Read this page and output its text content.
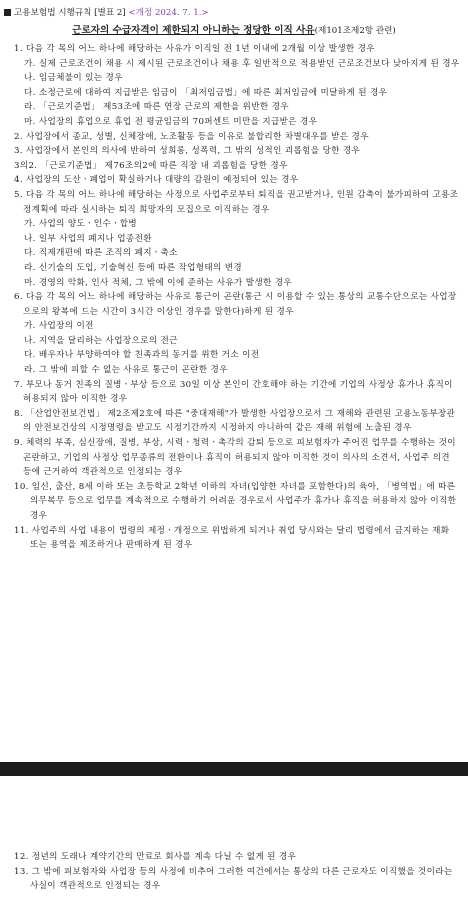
고용보험법 시행규칙 [별표 2] <개정 2024. 7. 1.>
근로자의 수급자격이 제한되지 아니하는 정당한 이직 사유(제101조제2항 관련)

1. 다음 각 목의 어느 하나에 해당하는 사유가 이직일 전 1년 이내에 2개월 이상 발생한 경우

가. 실제 근로조건이 채용 시 제시된 근로조건이나 채용 후 일반적으로 적용받던 근로조건보다 낮아지게 된 경우

나. 임금체불이 있는 경우

다. 소정근로에 대하여 지급받은 임금이 「최저임금법」에 따른 최저임금에 미달하게 된 경우

라. 「근로기준법」 제53조에 따른 연장 근로의 제한을 위반한 경우

마. 사업장의 휴업으로 휴업 전 평균임금의 70퍼센트 미만을 지급받은 경우

2. 사업장에서 종교, 성별, 신체장애, 노조활동 등을 이유로 불합리한 차별대우를 받은 경우

3. 사업장에서 본인의 의사에 반하여 성희롱, 성폭력, 그 밖의 성적인 괴롭힘을 당한 경우

3의2. 「근로기준법」 제76조의2에 따른 직장 내 괴롭힘을 당한 경우

4. 사업장의 도산ㆍ폐업이 확실하거나 대량의 감원이 예정되어 있는 경우

5. 다음 각 목의 어느 하나에 해당하는 사정으로 사업주로부터 퇴직을 권고받거나, 인원 감축이 불가피하여 고용조정계획에 따라 실시하는 퇴직 희망자의 모집으로 이직하는 경우

가. 사업의 양도ㆍ인수ㆍ합병

나. 일부 사업의 폐지나 업종전환

다. 직제개편에 따른 조직의 폐지ㆍ축소

라. 신기술의 도입, 기술혁신 등에 따른 작업형태의 변경

마. 경영의 악화, 인사 적체, 그 밖에 이에 준하는 사유가 발생한 경우

6. 다음 각 목의 어느 하나에 해당하는 사유로 통근이 곤란(통근 시 이용할 수 있는 통상의 교통수단으로는 사업장으로의 왕복에 드는 시간이 3시간 이상인 경우를 말한다)하게 된 경우

가. 사업장의 이전

나. 지역을 달리하는 사업장으로의 전근

다. 배우자나 부양하여야 할 친족과의 동거를 위한 거소 이전

라. 그 밖에 피할 수 없는 사유로 통근이 곤란한 경우

7. 부모나 동거 친족의 질병ㆍ부상 등으로 30일 이상 본인이 간호해야 하는 기간에 기업의 사정상 휴가나 휴직이 허용되지 않아 이직한 경우

8. 「산업안전보건법」 제2조제2호에 따른 "중대재해"가 발생한 사업장으로서 그 재해와 관련된 고용노동부장관의 안전보건상의 시정명령을 받고도 시정기간까지 시정하지 아니하여 같은 재해 위험에 노출된 경우

9. 체력의 부족, 심신장애, 질병, 부상, 시력ㆍ청력ㆍ촉각의 감퇴 등으로 피보험자가 주어진 업무를 수행하는 것이 곤란하고, 기업의 사정상 업무종류의 전환이나 휴직이 허용되지 않아 이직한 것이 의사의 소견서, 사업주 의견 등에 근거하여 객관적으로 인정되는 경우

10. 임신, 출산, 8세 이하 또는 초등학교 2학년 이하의 자녀(입양한 자녀를 포함한다)의 육아, 「병역법」에 따른 의무복무 등으로 업무를 계속적으로 수행하기 어려운 경우로서 사업주가 휴가나 휴직을 허용하지 않아 이직한 경우

11. 사업주의 사업 내용이 법령의 제정ㆍ개정으로 위법하게 되거나 취업 당시와는 달리 법령에서 금지하는 재화 또는 용역을 제조하거나 판매하게 된 경우

12. 정년의 도래나 계약기간의 만료로 회사를 계속 다닐 수 없게 된 경우

13. 그 밖에 피보험자와 사업장 등의 사정에 비추어 그러한 여건에서는 통상의 다른 근로자도 이직했을 것이라는 사실이 객관적으로 인정되는 경우
